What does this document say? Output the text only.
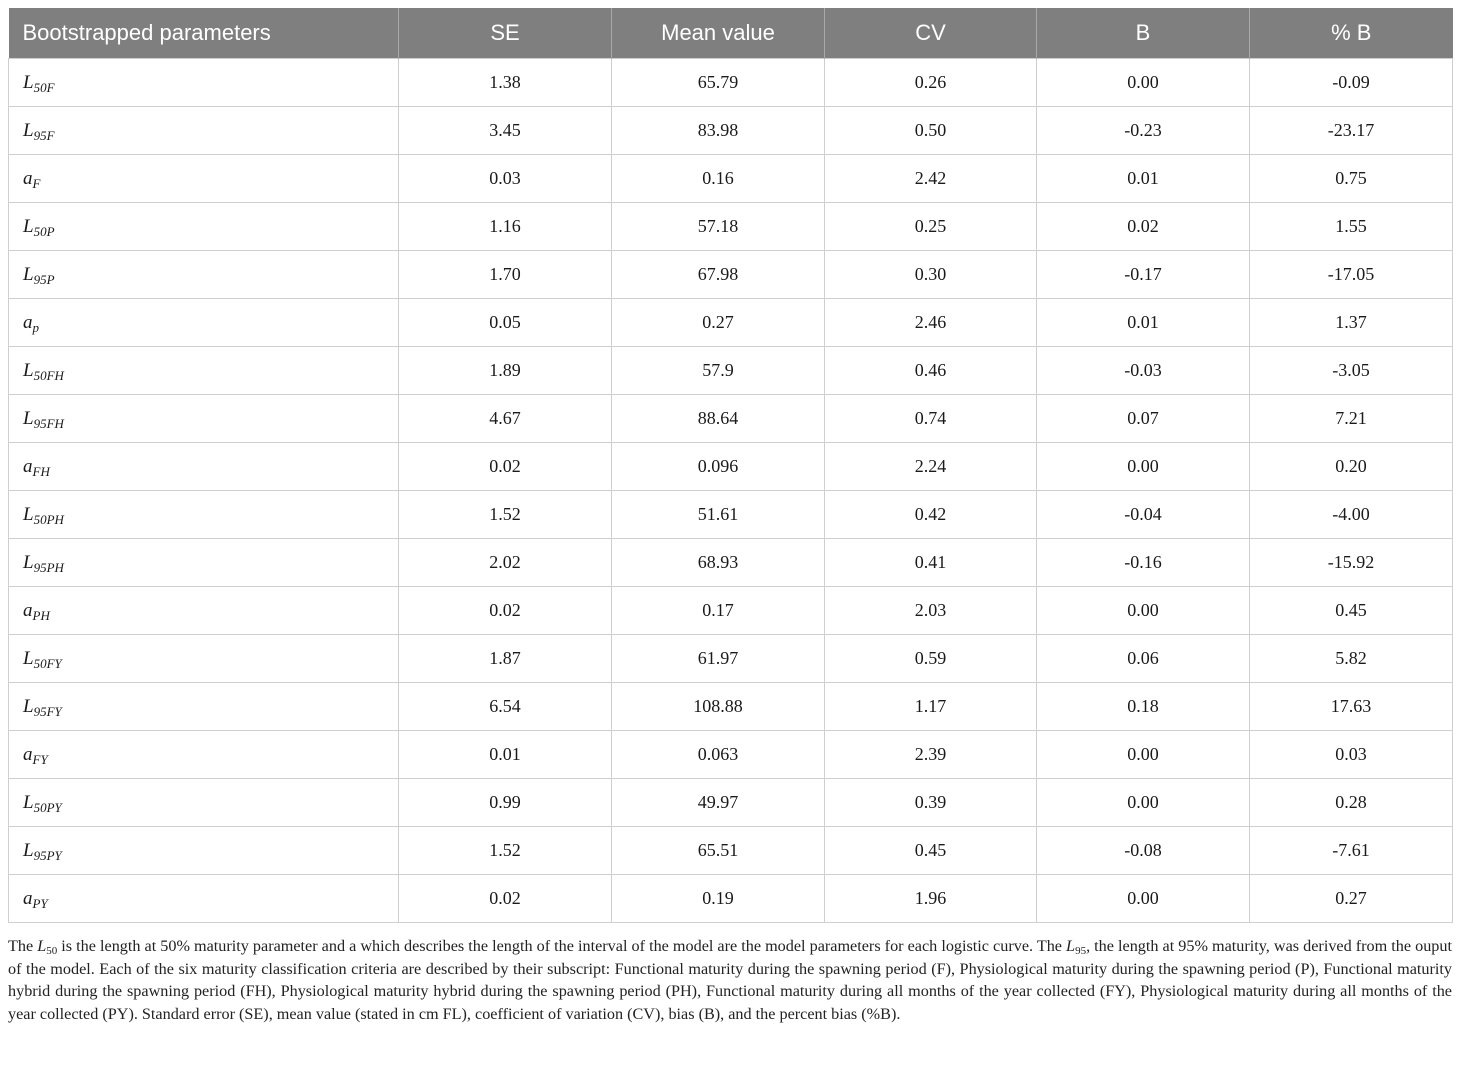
Bootstrapped parameters	SE	Mean value	CV	B	% B
$L_{50F}$	1.38	65.79	0.26	0.00	-0.09
$L_{95F}$	3.45	83.98	0.50	-0.23	-23.17
$a_F$	0.03	0.16	2.42	0.01	0.75
$L_{50P}$	1.16	57.18	0.25	0.02	1.55
$L_{95P}$	1.70	67.98	0.30	-0.17	-17.05
$a_p$	0.05	0.27	2.46	0.01	1.37
$L_{50FH}$	1.89	57.9	0.46	-0.03	-3.05
$L_{95FH}$	4.67	88.64	0.74	0.07	7.21
$a_{FH}$	0.02	0.096	2.24	0.00	0.20
$L_{50PH}$	1.52	51.61	0.42	-0.04	-4.00
$L_{95PH}$	2.02	68.93	0.41	-0.16	-15.92
$a_{PH}$	0.02	0.17	2.03	0.00	0.45
$L_{50FY}$	1.87	61.97	0.59	0.06	5.82
$L_{95FY}$	6.54	108.88	1.17	0.18	17.63
$a_{FY}$	0.01	0.063	2.39	0.00	0.03
$L_{50PY}$	0.99	49.97	0.39	0.00	0.28
$L_{95PY}$	1.52	65.51	0.45	-0.08	-7.61
$a_{PY}$	0.02	0.19	1.96	0.00	0.27

The $L_{50}$ is the length at 50% maturity parameter and a which describes the length of the interval of the model are the model parameters for each logistic curve. The $L_{95}$, the length at 95% maturity, was derived from the ouput of the model. Each of the six maturity classification criteria are described by their subscript: Functional maturity during the spawning period (F), Physiological maturity during the spawning period (P), Functional maturity hybrid during the spawning period (FH), Physiological maturity hybrid during the spawning period (PH), Functional maturity during all months of the year collected (FY), Physiological maturity during all months of the year collected (PY). Standard error (SE), mean value (stated in cm FL), coefficient of variation (CV), bias (B), and the percent bias (%B).
